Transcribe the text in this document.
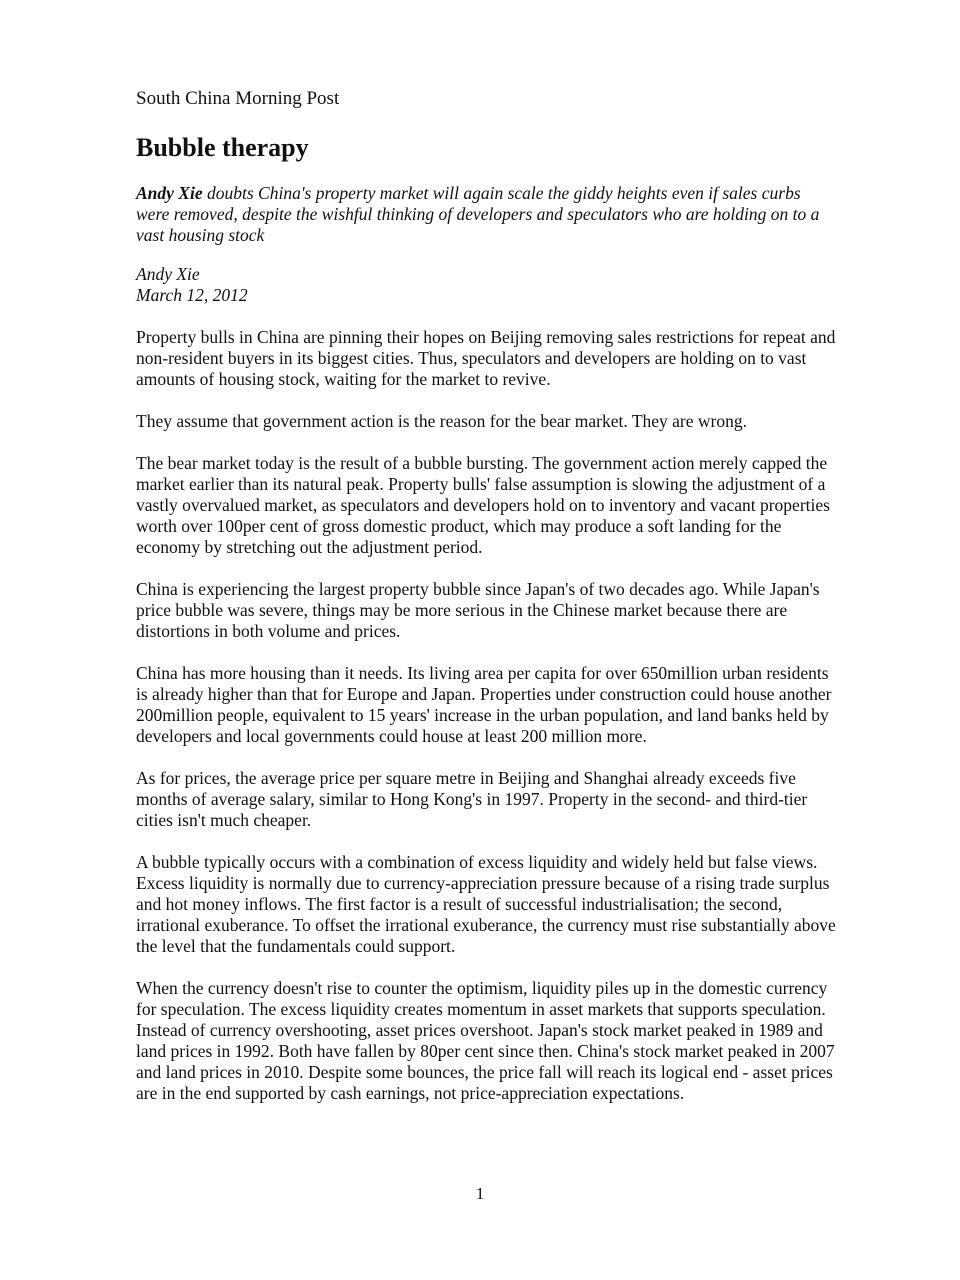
South China Morning Post

Bubble therapy

Andy Xie doubts China's property market will again scale the giddy heights even if sales curbs were removed, despite the wishful thinking of developers and speculators who are holding on to a vast housing stock

Andy Xie
March 12, 2012

Property bulls in China are pinning their hopes on Beijing removing sales restrictions for repeat and non-resident buyers in its biggest cities. Thus, speculators and developers are holding on to vast amounts of housing stock, waiting for the market to revive.

They assume that government action is the reason for the bear market. They are wrong.

The bear market today is the result of a bubble bursting. The government action merely capped the market earlier than its natural peak. Property bulls' false assumption is slowing the adjustment of a vastly overvalued market, as speculators and developers hold on to inventory and vacant properties worth over 100per cent of gross domestic product, which may produce a soft landing for the economy by stretching out the adjustment period.

China is experiencing the largest property bubble since Japan's of two decades ago. While Japan's price bubble was severe, things may be more serious in the Chinese market because there are distortions in both volume and prices.

China has more housing than it needs. Its living area per capita for over 650million urban residents is already higher than that for Europe and Japan. Properties under construction could house another 200million people, equivalent to 15 years' increase in the urban population, and land banks held by developers and local governments could house at least 200 million more.

As for prices, the average price per square metre in Beijing and Shanghai already exceeds five months of average salary, similar to Hong Kong's in 1997. Property in the second- and third-tier cities isn't much cheaper.

A bubble typically occurs with a combination of excess liquidity and widely held but false views. Excess liquidity is normally due to currency-appreciation pressure because of a rising trade surplus and hot money inflows. The first factor is a result of successful industrialisation; the second, irrational exuberance. To offset the irrational exuberance, the currency must rise substantially above the level that the fundamentals could support.

When the currency doesn't rise to counter the optimism, liquidity piles up in the domestic currency for speculation. The excess liquidity creates momentum in asset markets that supports speculation. Instead of currency overshooting, asset prices overshoot. Japan's stock market peaked in 1989 and land prices in 1992. Both have fallen by 80per cent since then. China's stock market peaked in 2007 and land prices in 2010. Despite some bounces, the price fall will reach its logical end - asset prices are in the end supported by cash earnings, not price-appreciation expectations.

1
